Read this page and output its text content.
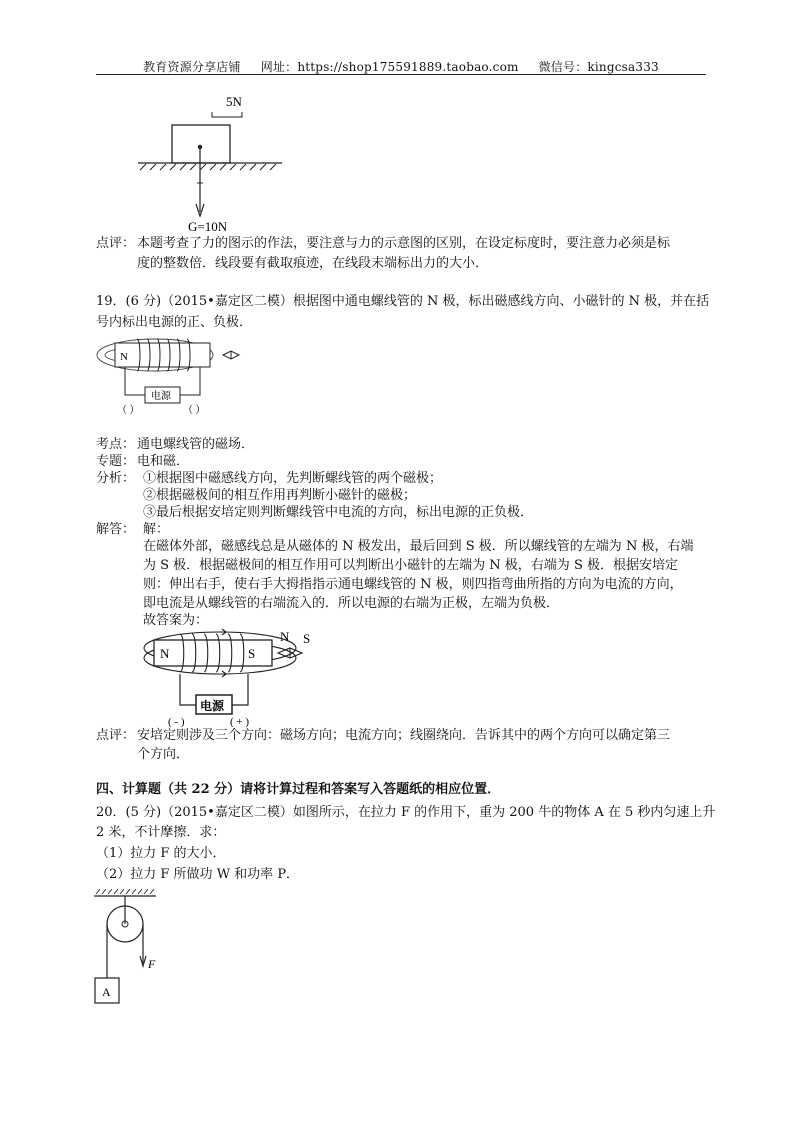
教育资源分享店铺 网址：https://shop175591889.taobao.com 微信号：kingcsa333
5N
G=10N
点评： 本题考查了力的图示的作法，要注意与力的示意图的区别，在设定标度时，要注意力必须是标
度的整数倍．线段要有截取痕迹，在线段末端标出力的大小．
19．(6 分)（2015•嘉定区二模）根据图中通电螺线管的 N 极，标出磁感线方向、小磁针的 N 极，并在括
号内标出电源的正、负极．
N
电源
（ ）	（ ）
考点： 通电螺线管的磁场．
专题： 电和磁．
分析： ①根据图中磁感线方向，先判断螺线管的两个磁极；
②根据磁极间的相互作用再判断小磁针的磁极；
③最后根据安培定则判断螺线管中电流的方向，标出电源的正负极．
解答： 解：
在磁体外部，磁感线总是从磁体的 N 极发出，最后回到 S 极．所以螺线管的左端为 N 极，右端
为 S 极．根据磁极间的相互作用可以判断出小磁针的左端为 N 极，右端为 S 极．根据安培定
则：伸出右手，使右手大拇指指示通电螺线管的 N 极，则四指弯曲所指的方向为电流的方向，
即电流是从螺线管的右端流入的．所以电源的右端为正极，左端为负极．
故答案为：
N	S
N S
电源
( - )	( + )
点评： 安培定则涉及三个方向：磁场方向；电流方向；线圈绕向．告诉其中的两个方向可以确定第三
个方向．
四、计算题（共 22 分）请将计算过程和答案写入答题纸的相应位置．
20．(5 分)（2015•嘉定区二模）如图所示，在拉力 F 的作用下，重为 200 牛的物体 A 在 5 秒内匀速上升
2 米，不计摩擦．求：
（1）拉力 F 的大小．
（2）拉力 F 所做功 W 和功率 P．
F
A
